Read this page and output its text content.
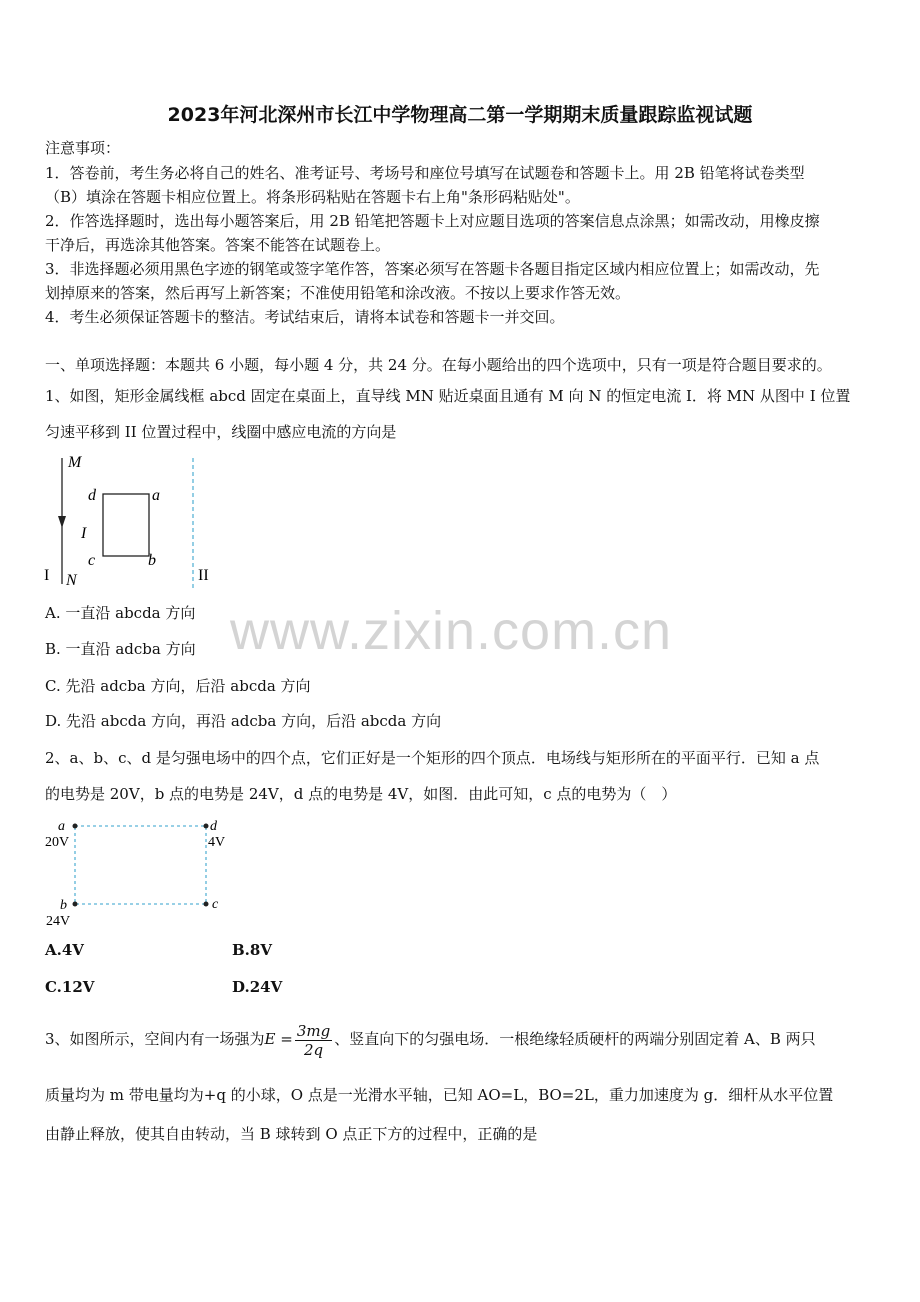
2023年河北深州市长江中学物理高二第一学期期末质量跟踪监视试题
注意事项：
1．答卷前，考生务必将自己的姓名、准考证号、考场号和座位号填写在试题卷和答题卡上。用 2B 铅笔将试卷类型
（B）填涂在答题卡相应位置上。将条形码粘贴在答题卡右上角"条形码粘贴处"。
2．作答选择题时，选出每小题答案后，用 2B 铅笔把答题卡上对应题目选项的答案信息点涂黑；如需改动，用橡皮擦
干净后，再选涂其他答案。答案不能答在试题卷上。
3．非选择题必须用黑色字迹的钢笔或签字笔作答，答案必须写在答题卡各题目指定区域内相应位置上；如需改动，先
划掉原来的答案，然后再写上新答案；不准使用铅笔和涂改液。不按以上要求作答无效。
4．考生必须保证答题卡的整洁。考试结束后，请将本试卷和答题卡一并交回。
一、单项选择题：本题共 6 小题，每小题 4 分，共 24 分。在每小题给出的四个选项中，只有一项是符合题目要求的。
1、如图，矩形金属线框 abcd 固定在桌面上，直导线 MN 贴近桌面且通有 M 向 N 的恒定电流 I．将 MN 从图中 I 位置
匀速平移到 II 位置过程中，线圈中感应电流的方向是
M
N
I
d	a
c	b
I	II
A. 一直沿 abcda 方向
B. 一直沿 adcba 方向
C. 先沿 adcba 方向，后沿 abcda 方向
D. 先沿 abcda 方向，再沿 adcba 方向，后沿 abcda 方向
www.zixin.com.cn
2、a、b、c、d 是匀强电场中的四个点，它们正好是一个矩形的四个顶点．电场线与矩形所在的平面平行．已知 a 点
的电势是 20V，b 点的电势是 24V，d 点的电势是 4V，如图．由此可知，c 点的电势为（　）
a
20V
d
4V
b
24V
c
A.4V	B.8V
C.12V	D.24V
3、如图所示，空间内有一场强为$E = \frac{3mg}{2q}$ 、竖直向下的匀强电场．一根绝缘轻质硬杆的两端分别固定着 A、B 两只
质量均为 m 带电量均为+q 的小球，O 点是一光滑水平轴，已知 AO=L，BO=2L，重力加速度为 g．细杆从水平位置
由静止释放，使其自由转动，当 B 球转到 O 点正下方的过程中，正确的是
